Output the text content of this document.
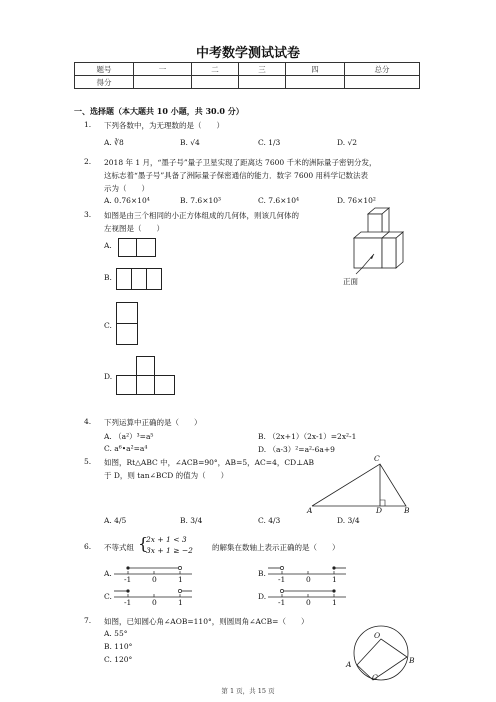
中考数学测试试卷
题号	一	二	三	四	总分
得分					
一、选择题（本大题共 10 小题，共 30.0 分）
1. 下列各数中，为无理数的是（　　）
A. ∛8	B. √4	C. 1/3	D. √2
2. 2018 年 1 月，“墨子号”量子卫星实现了距离达 7600 千米的洲际量子密钥分发，
这标志着“墨子号”具备了洲际量子保密通信的能力．数字 7600 用科学记数法表
示为（　　）
A. 0.76×10⁴	B. 7.6×10³	C. 7.6×10⁴	D. 76×10²
3. 如图是由三个相同的小正方体组成的几何体，则该几何体的
左视图是（　　）
A.
B.
C.
D.
正面
4. 下列运算中正确的是（　　）
A. （a²）³=a⁵	B. （2x+1）（2x-1）=2x²-1
C. a⁶•a²=a⁴	D. （a-3）²=a²-6a+9
5. 如图，Rt△ABC 中，∠ACB=90°，AB=5，AC=4，CD⊥AB
于 D，则 tan∠BCD 的值为（　　）
A. 4/5	B. 3/4	C. 4/3	D. 3/4
C
A	D	B
6. 不等式组 {
2x + 1 < 3
3x + 1 ≥ −2	的解集在数轴上表示正确的是（　　）
A.	B.
C.	D.
-1	0	1	-1	0	1
-1	0	1	-1	0	1
7. 如图，已知圆心角∠AOB=110°，则圆周角∠ACB=（　　）
A. 55°
B. 110°
C. 120°
O
A	B
C
第 1 页，共 15 页
